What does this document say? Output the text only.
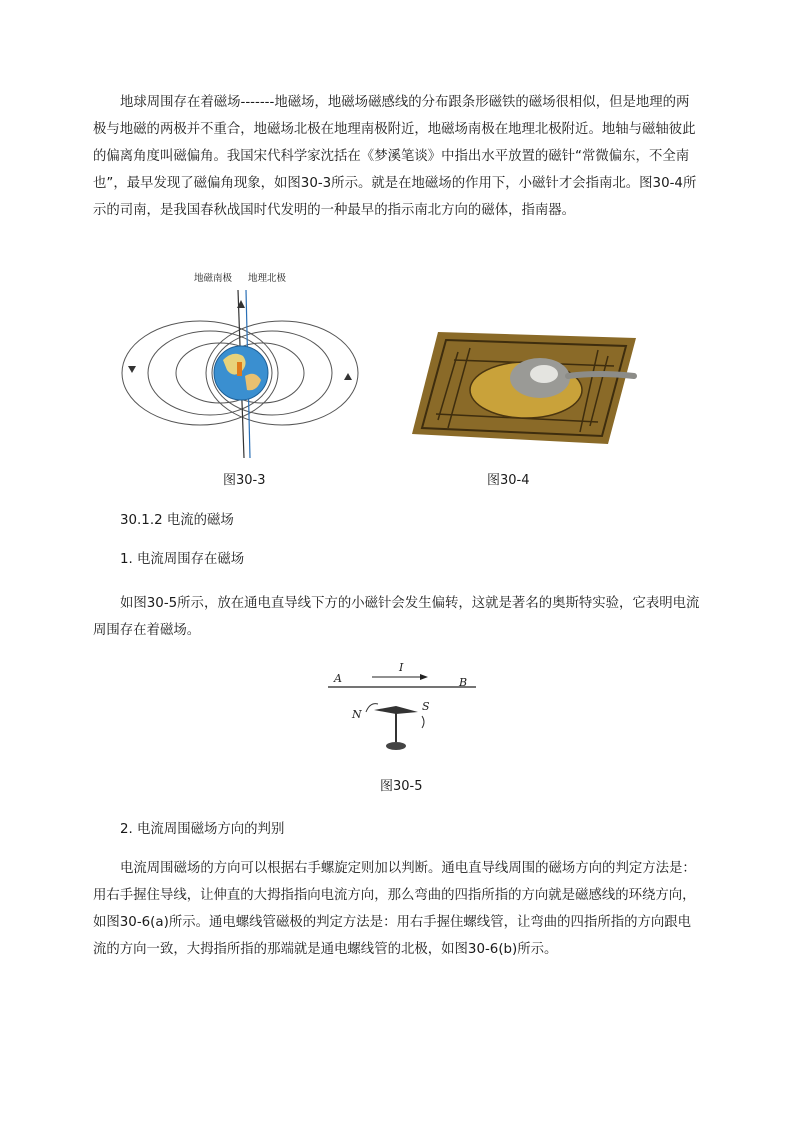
地球周围存在着磁场-------地磁场，地磁场磁感线的分布跟条形磁铁的磁场很相似，但是地理的两极与地磁的两极并不重合，地磁场北极在地理南极附近，地磁场南极在地理北极附近。地轴与磁轴彼此的偏离角度叫磁偏角。我国宋代科学家沈括在《梦溪笔谈》中指出水平放置的磁针“常微偏东，不全南也”，最早发现了磁偏角现象，如图30-3所示。就是在地磁场的作用下，小磁针才会指南北。图30-4所示的司南，是我国春秋战国时代发明的一种最早的指示南北方向的磁体，指南器。

地磁南极 地理北极
图30-3	图30-4

30.1.2 电流的磁场

1. 电流周围存在磁场

如图30-5所示，放在通电直导线下方的小磁针会发生偏转，这就是著名的奥斯特实验，它表明电流周围存在着磁场。

A	B
I
N
S
图30-5

2. 电流周围磁场方向的判别

电流周围磁场的方向可以根据右手螺旋定则加以判断。通电直导线周围的磁场方向的判定方法是：用右手握住导线，让伸直的大拇指指向电流方向，那么弯曲的四指所指的方向就是磁感线的环绕方向，如图30-6(a)所示。通电螺线管磁极的判定方法是：用右手握住螺线管，让弯曲的四指所指的方向跟电流的方向一致，大拇指所指的那端就是通电螺线管的北极，如图30-6(b)所示。
